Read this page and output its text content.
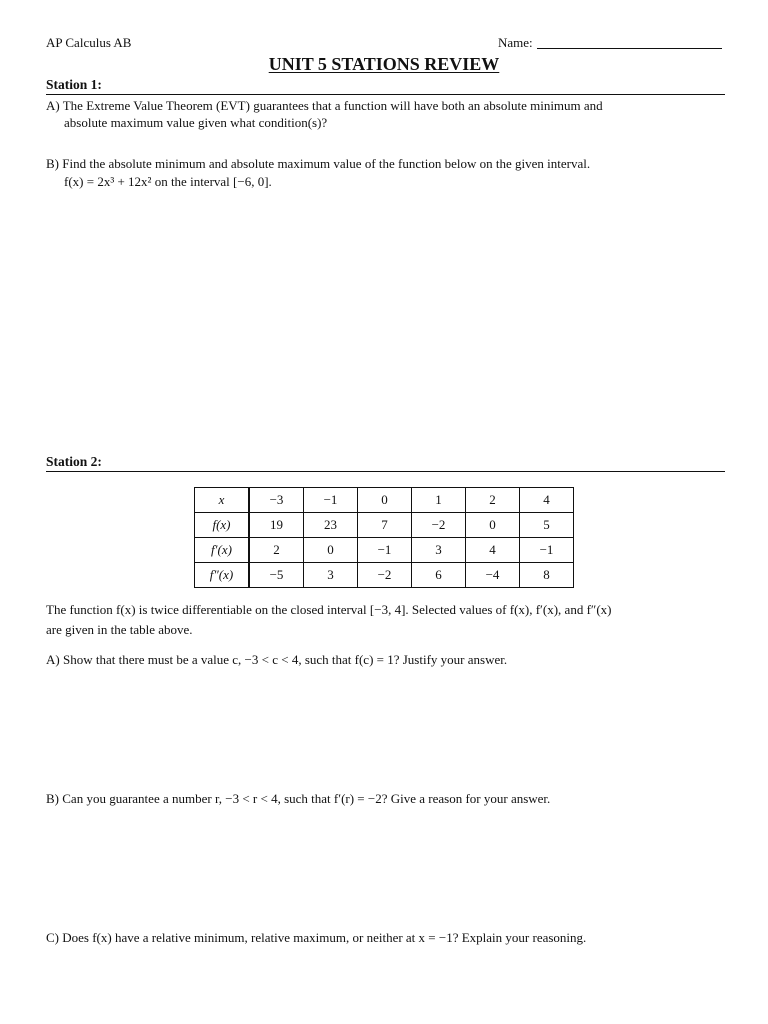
AP Calculus AB	Name:
UNIT 5 STATIONS REVIEW
Station 1:
A) The Extreme Value Theorem (EVT) guarantees that a function will have both an absolute minimum and
absolute maximum value given what condition(s)?
B) Find the absolute minimum and absolute maximum value of the function below on the given interval.
f(x) = 2x³ + 12x² on the interval [−6, 0].
Station 2:
x	−3	−1	0	1	2	4
f(x)	19	23	7	−2	0	5
f′(x)	2	0	−1	3	4	−1
f″(x)	−5	3	−2	6	−4	8
The function f(x) is twice differentiable on the closed interval [−3, 4]. Selected values of f(x), f′(x), and f″(x)
are given in the table above.
A) Show that there must be a value c, −3 < c < 4, such that f(c) = 1? Justify your answer.
B) Can you guarantee a number r, −3 < r < 4, such that f′(r) = −2? Give a reason for your answer.
C) Does f(x) have a relative minimum, relative maximum, or neither at x = −1? Explain your reasoning.
